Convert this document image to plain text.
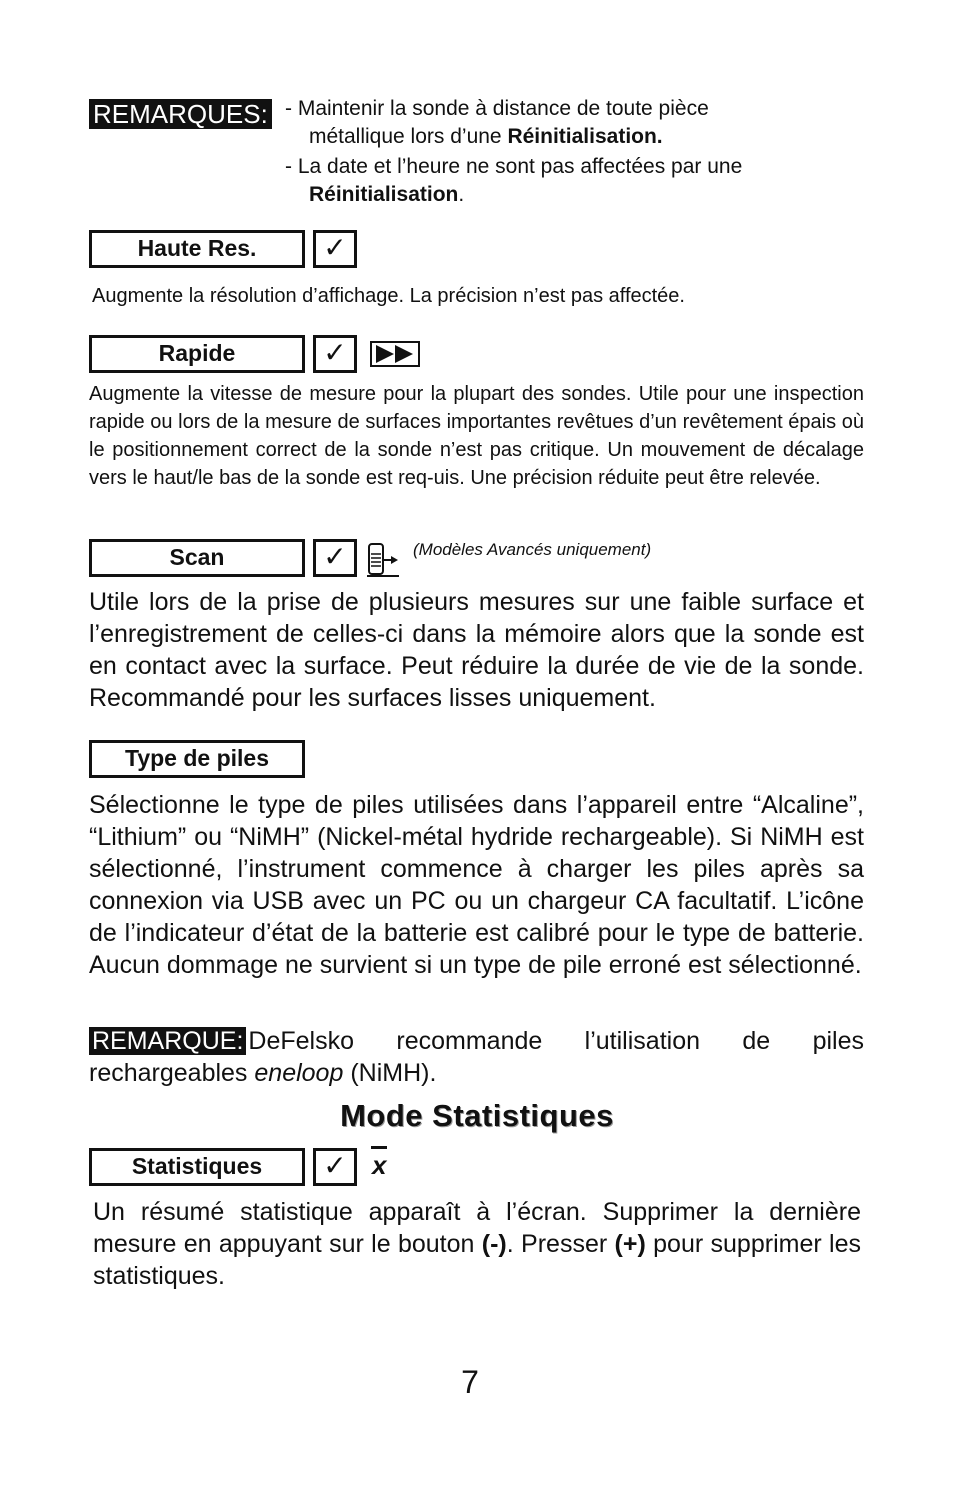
REMARQUES: - Maintenir la sonde à distance de toute pièce
métallique lors d’une Réinitialisation.
- La date et l’heure ne sont pas affectées par une
Réinitialisation.
Haute Res.	✓
Augmente la résolution d’affichage. La précision n’est pas affectée.
Rapide	✓
Augmente la vitesse de mesure pour la plupart des sondes. Utile pour une inspection rapide ou lors de la mesure de surfaces importantes revêtues d’un revêtement épais où le positionnement correct de la sonde n’est pas critique. Un mouvement de décalage vers le haut/le bas de la sonde est req-uis. Une précision réduite peut être relevée.
Scan	✓	(Modèles Avancés uniquement)
Utile lors de la prise de plusieurs mesures sur une faible surface et l’enregistrement de celles-ci dans la mémoire alors que la sonde est en contact avec la surface. Peut réduire la durée de vie de la sonde. Recommandé pour les surfaces lisses uniquement.
Type de piles
Sélectionne le type de piles utilisées dans l’appareil entre “Alcaline”, “Lithium” ou “NiMH” (Nickel-métal hydride rechargeable). Si NiMH est sélectionné, l’instrument commence à charger les piles après sa connexion via USB avec un PC ou un chargeur CA facultatif. L’icône de l’indicateur d’état de la batterie est calibré pour le type de batterie. Aucun dommage ne survient si un type de pile erroné est sélectionné.
REMARQUE: DeFelsko recommande l’utilisation de piles rechargeables eneloop (NiMH).
Mode Statistiques
Statistiques	✓ x
Un résumé statistique apparaît à l’écran. Supprimer la dernière mesure en appuyant sur le bouton (-). Presser (+) pour supprimer les statistiques.
7
